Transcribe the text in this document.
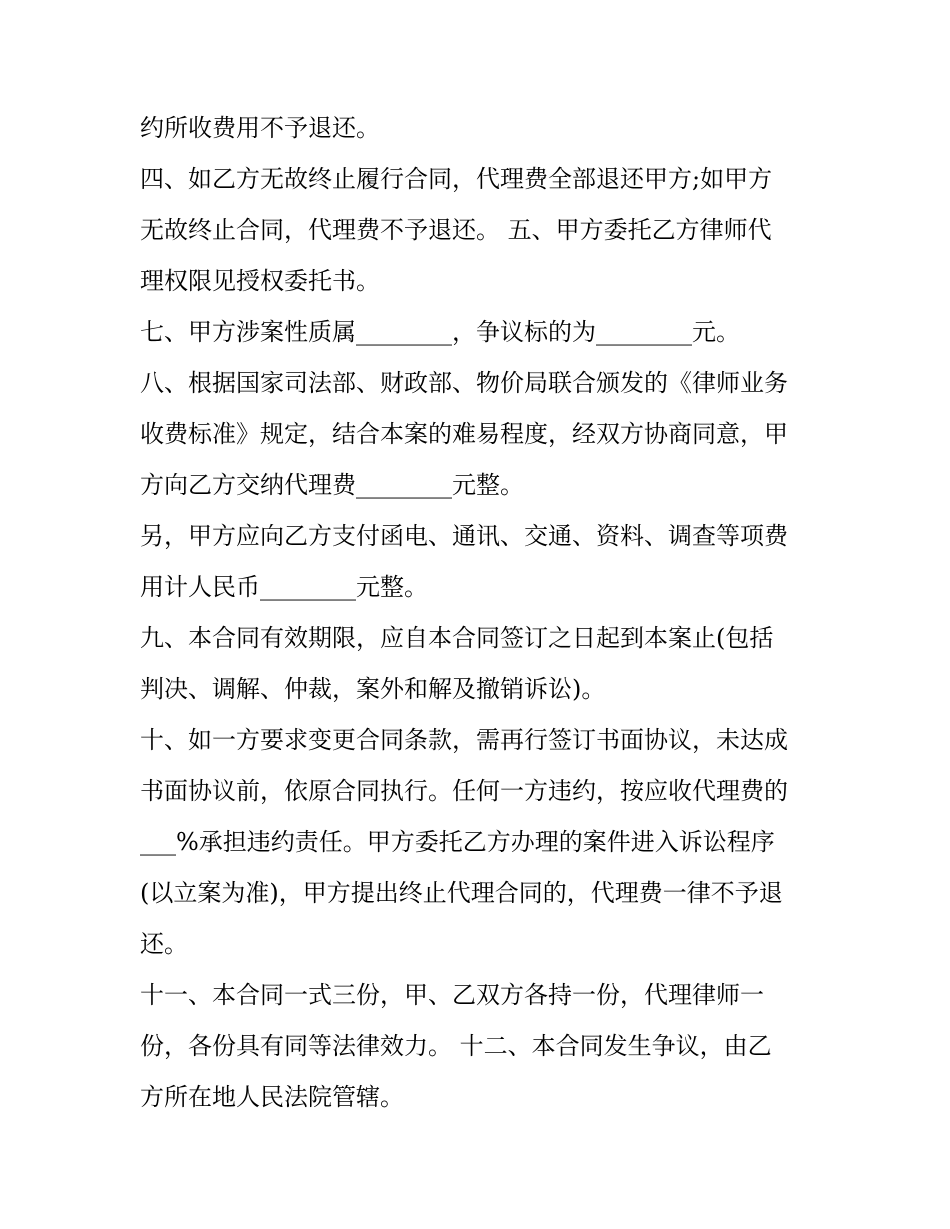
约所收费用不予退还。

四、如乙方无故终止履行合同，代理费全部退还甲方;如甲方

无故终止合同，代理费不予退还。 五、甲方委托乙方律师代

理权限见授权委托书。

七、甲方涉案性质属________，争议标的为________元。

八、根据国家司法部、财政部、物价局联合颁发的《律师业务

收费标准》规定，结合本案的难易程度，经双方协商同意，甲

方向乙方交纳代理费________元整。

另，甲方应向乙方支付函电、通讯、交通、资料、调查等项费

用计人民币________元整。

九、本合同有效期限，应自本合同签订之日起到本案止(包括

判决、调解、仲裁，案外和解及撤销诉讼)。

十、如一方要求变更合同条款，需再行签订书面协议，未达成

书面协议前，依原合同执行。任何一方违约，按应收代理费的

___%承担违约责任。甲方委托乙方办理的案件进入诉讼程序

(以立案为准)，甲方提出终止代理合同的，代理费一律不予退

还。

十一、本合同一式三份，甲、乙双方各持一份，代理律师一

份，各份具有同等法律效力。 十二、本合同发生争议，由乙

方所在地人民法院管辖。
